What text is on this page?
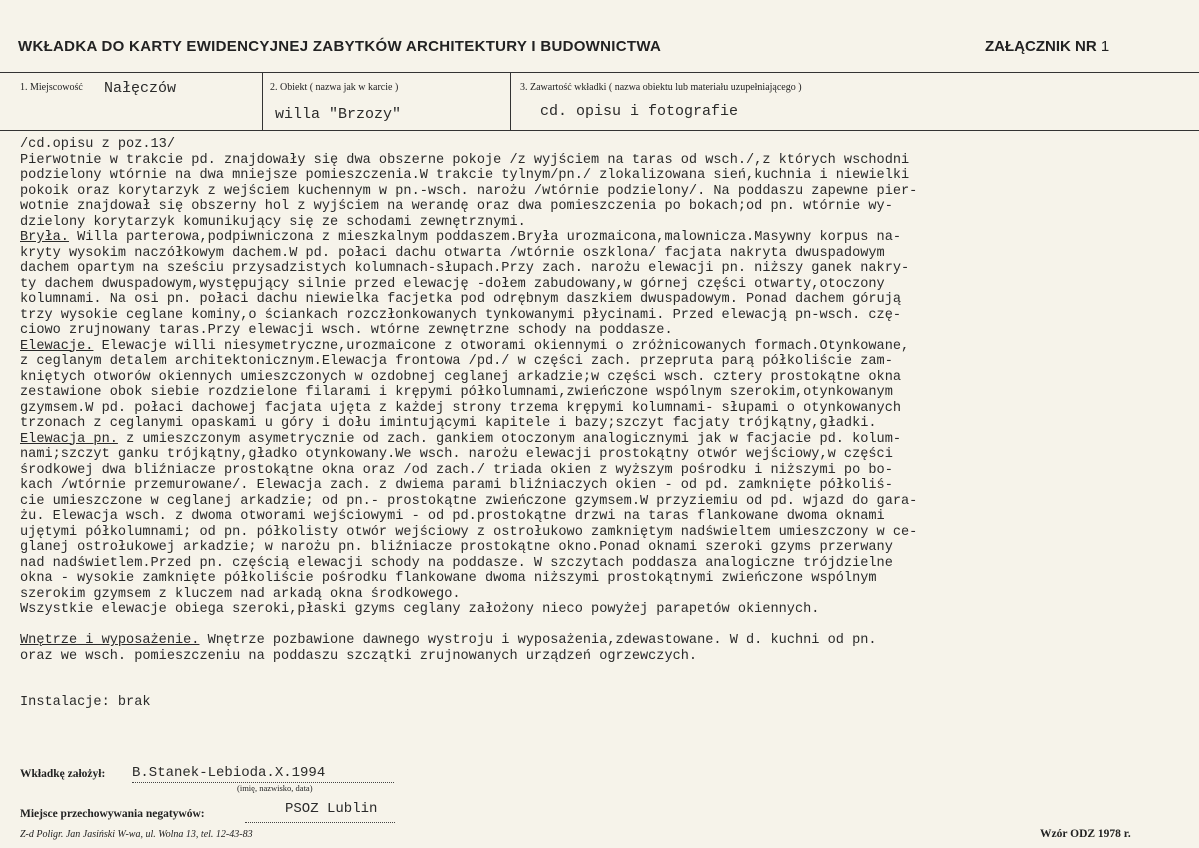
WKŁADKA DO KARTY EWIDENCYJNEJ ZABYTKÓW ARCHITEKTURY I BUDOWNICTWA	ZAŁĄCZNIK NR 1
1. Miejscowość Nałęczów	2. Obiekt ( nazwa jak w karcie )
willa "Brzozy"
3. Zawartość wkładki ( nazwa obiektu lub materiału uzupełniającego )
cd. opisu i fotografie
/cd.opisu z poz.13/
Pierwotnie w trakcie pd. znajdowały się dwa obszerne pokoje /z wyjściem na taras od wsch./,z których wschodni
podzielony wtórnie na dwa mniejsze pomieszczenia.W trakcie tylnym/pn./ zlokalizowana sień,kuchnia i niewielki
pokoik oraz korytarzyk z wejściem kuchennym w pn.-wsch. narożu /wtórnie podzielony/. Na poddaszu zapewne pier-
wotnie znajdował się obszerny hol z wyjściem na werandę oraz dwa pomieszczenia po bokach;od pn. wtórnie wy-
dzielony korytarzyk komunikujący się ze schodami zewnętrznymi.
Bryła. Willa parterowa,podpiwniczona z mieszkalnym poddaszem.Bryła urozmaicona,malownicza.Masywny korpus na-
kryty wysokim naczółkowym dachem.W pd. połaci dachu otwarta /wtórnie oszklona/ facjata nakryta dwuspadowym
dachem opartym na sześciu przysadzistych kolumnach-słupach.Przy zach. narożu elewacji pn. niższy ganek nakry-
ty dachem dwuspadowym,występujący silnie przed elewację -dołem zabudowany,w górnej części otwarty,otoczony
kolumnami. Na osi pn. połaci dachu niewielka facjetka pod odrębnym daszkiem dwuspadowym. Ponad dachem górują
trzy wysokie ceglane kominy,o ściankach rozczłonkowanych tynkowanymi płycinami. Przed elewacją pn-wsch. czę-
ciowo zrujnowany taras.Przy elewacji wsch. wtórne zewnętrzne schody na poddasze.
Elewacje. Elewacje willi niesymetryczne,urozmaicone z otworami okiennymi o zróżnicowanych formach.Otynkowane,
z ceglanym detalem architektonicznym.Elewacja frontowa /pd./ w części zach. przeprutа parą półkoliście zam-
kniętych otworów okiennych umieszczonych w ozdobnej ceglanej arkadzie;w części wsch. cztery prostokątne okna
zestawione obok siebie rozdzielone filarami i krępymi półkolumnami,zwieńczone wspólnym szerokim,otynkowanym
gzymsem.W pd. połaci dachowej facjata ujęta z każdej strony trzema krępymi kolumnami- słupami o otynkowanych
trzonach z ceglanymi opaskami u góry i dołu imintującymi kapitele i bazy;szczyt facjaty trójkątny,gładki.
Elewacja pn. z umieszczonym asymetrycznie od zach. gankiem otoczonym analogicznymi jak w facjacie pd. kolum-
nami;szczyt ganku trójkątny,gładko otynkowany.We wsch. narożu elewacji prostokątny otwór wejściowy,w części
środkowej dwa bliźniacze prostokątne okna oraz /od zach./ triada okien z wyższym pośrodku i niższymi po bo-
kach /wtórnie przemurowane/. Elewacja zach. z dwiema parami bliźniaczych okien - od pd. zamknięte półkoliś-
cie umieszczone w ceglanej arkadzie; od pn.- prostokątne zwieńczone gzymsem.W przyziemiu od pd. wjazd do gara-
żu. Elewacja wsch. z dwoma otworami wejściowymi - od pd.prostokątne drzwi na taras flankowane dwoma oknami
ujętymi półkolumnami; od pn. półkolisty otwór wejściowy z ostrołukowo zamkniętym nadświeltem umieszczony w ce-
glanej ostrołukowej arkadzie; w narożu pn. bliźniacze prostokątne okno.Ponad oknami szeroki gzyms przerwany
nad nadświetlem.Przed pn. częścią elewacji schody na poddasze. W szczytach poddasza analogiczne trójdzielne
okna - wysokie zamknięte półkoliście pośrodku flankowane dwoma niższymi prostokątnymi zwieńczone wspólnym
szerokim gzymsem z kluczem nad arkadą okna środkowego.
Wszystkie elewacje obiega szeroki,płaski gzyms ceglany założony nieco powyżej parapetów okiennych.
Wnętrze i wyposażenie. Wnętrze pozbawione dawnego wystroju i wyposażenia,zdewastowane. W d. kuchni od pn.
oraz we wsch. pomieszczeniu na poddaszu szczątki zrujnowanych urządzeń ogrzewczych.
Instalacje: brak
Wkładkę założył: B.Stanek-Lebioda.X.1994
(imię, nazwisko, data)
Miejsce przechowywania negatywów:	PSOZ Lublin
Z-d Poligr. Jan Jasiński W-wa, ul. Wolna 13, tel. 12-43-83	Wzór ODZ 1978 r.
